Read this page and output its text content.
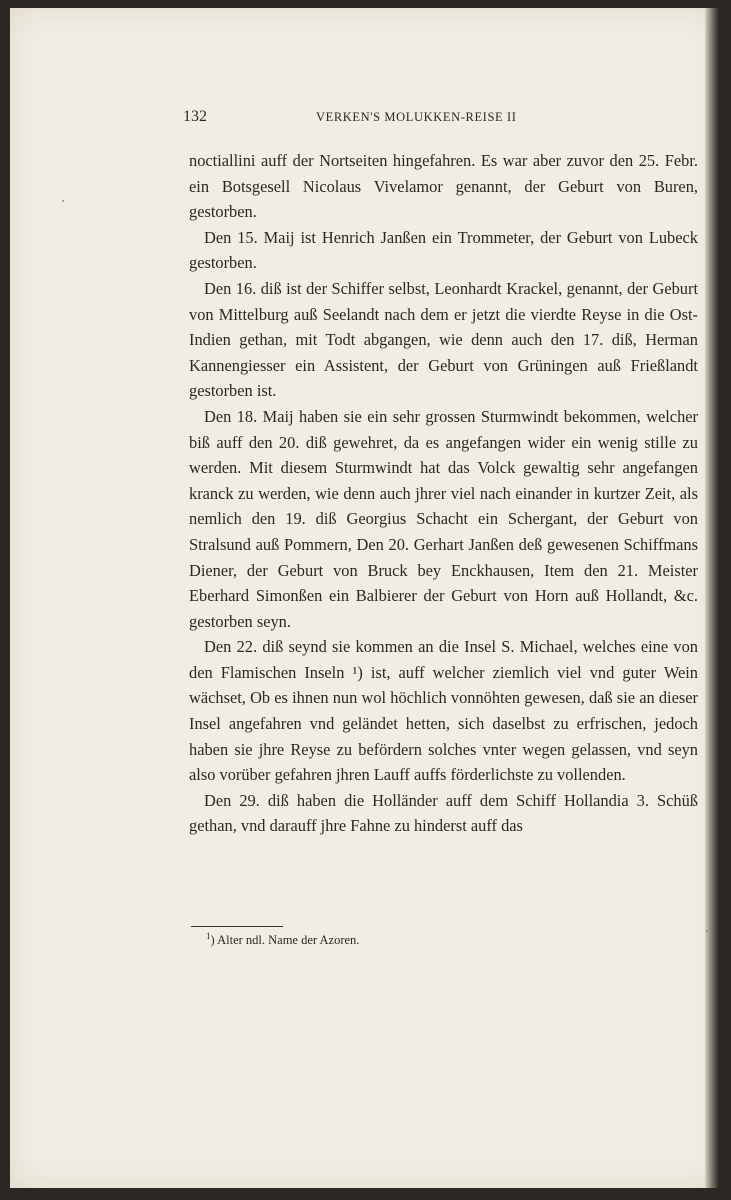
132	VERKEN'S MOLUKKEN-REISE II

noctiallini auff der Nortseiten hingefahren. Es war aber zuvor den 25. Febr. ein Botsgesell Nicolaus Vivelamor genannt, der Geburt von Buren, gestorben.

Den 15. Maij ist Henrich Janßen ein Trommeter, der Geburt von Lubeck gestorben.

Den 16. diß ist der Schiffer selbst, Leonhardt Krackel, genannt, der Geburt von Mittelburg auß Seelandt nach dem er jetzt die vierdte Reyse in die Ost-Indien gethan, mit Todt abgangen, wie denn auch den 17. diß, Herman Kannengiesser ein Assistent, der Geburt von Grüningen auß Frießlandt gestorben ist.

Den 18. Maij haben sie ein sehr grossen Sturmwindt bekommen, welcher biß auff den 20. diß gewehret, da es angefangen wider ein wenig stille zu werden. Mit diesem Sturmwindt hat das Volck gewaltig sehr angefangen kranck zu werden, wie denn auch jhrer viel nach einander in kurtzer Zeit, als nemlich den 19. diß Georgius Schacht ein Schergant, der Geburt von Stralsund auß Pommern, Den 20. Gerhart Janßen deß gewesenen Schiffmans Diener, der Geburt von Bruck bey Enckhausen, Item den 21. Meister Eberhard Simonßen ein Balbierer der Geburt von Horn auß Hollandt, &c. gestorben seyn.

Den 22. diß seynd sie kommen an die Insel S. Michael, welches eine von den Flamischen Inseln ¹) ist, auff welcher ziemlich viel vnd guter Wein wächset, Ob es ihnen nun wol höchlich vonnöhten gewesen, daß sie an dieser Insel angefahren vnd geländet hetten, sich daselbst zu erfrischen, jedoch haben sie jhre Reyse zu befördern solches vnter wegen gelassen, vnd seyn also vorüber gefahren jhren Lauff auffs förderlichste zu vollenden.

Den 29. diß haben die Holländer auff dem Schiff Hollandia 3. Schüß gethan, vnd darauff jhre Fahne zu hinderst auff das

$^1$) Alter ndl. Name der Azoren.
